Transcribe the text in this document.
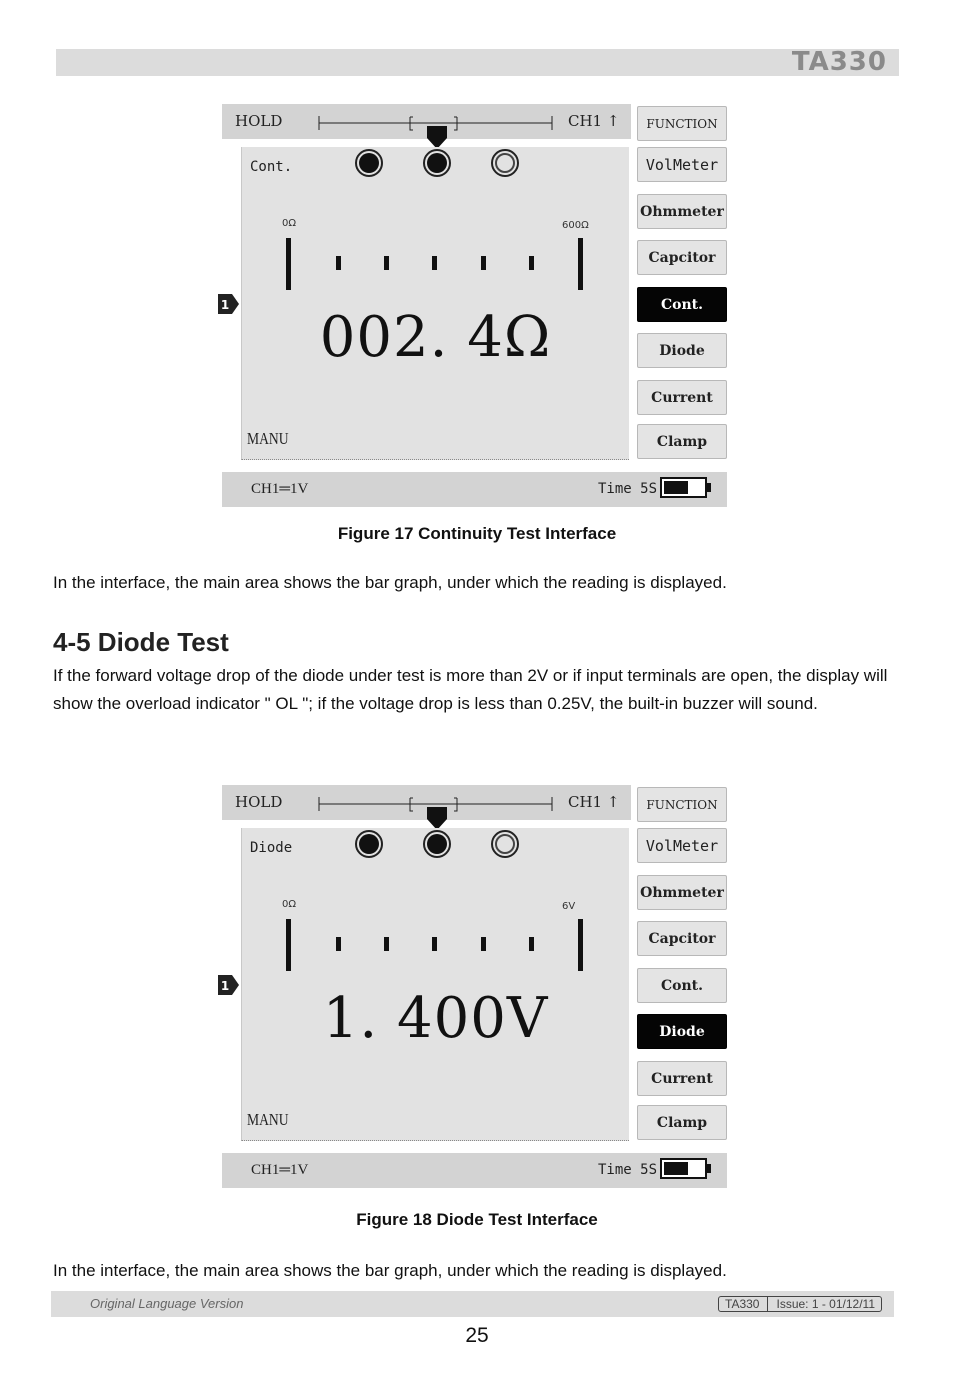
TA330
HOLD	CH1 ↑
1
Cont.
0Ω	600Ω
002. 4Ω
MANU
FUNCTION
VolMeter
Ohmmeter
Capcitor
Cont.
Diode
Current
Clamp
CH1═1V	Time 5S
Figure 17 Continuity Test Interface
In the interface, the main area shows the bar graph, under which the reading is displayed.
4-5 Diode Test
If the forward voltage drop of the diode under test is more than 2V or if input terminals are open, the display will show the overload indicator " OL "; if the voltage drop is less than 0.25V, the built-in buzzer will sound.
HOLD	CH1 ↑
1
Diode
0Ω	6V
1. 400V
MANU
FUNCTION
VolMeter
Ohmmeter
Capcitor
Cont.
Diode
Current
Clamp
CH1═1V	Time 5S
Figure 18 Diode Test Interface
In the interface, the main area shows the bar graph, under which the reading is displayed.
Original Language Version	TA330 Issue: 1 - 01/12/11
25
